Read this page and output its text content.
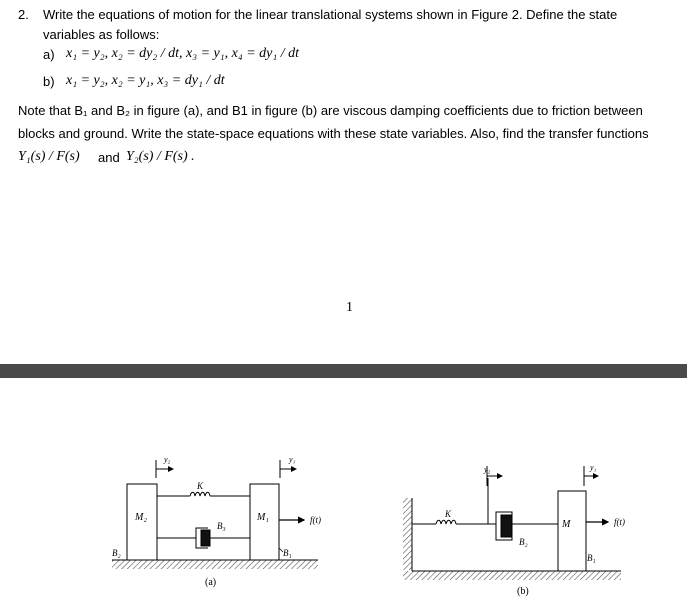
2. Write the equations of motion for the linear translational systems shown in Figure 2. Define the state
variables as follows:
a) x₁ = y₂, x₂ = dy₂ / dt, x₃ = y₁, x₄ = dy₁ / dt
b) x₁ = y₂, x₂ = y₁, x₃ = dy₁ / dt
Note that B₁ and B₂ in figure (a), and B1 in figure (b) are viscous damping coefficients due to friction between
blocks and ground. Write the state-space equations with these state variables. Also, find the transfer functions
Y₁(s) / F(s) and Y₂(s) / F(s) .
1
M₂	M₁
K
B₃
B₂	B₁
y₂	y₁
f(t)
(a)
K
B₂
M
B₁
y₂	y₁
f(t)
(b)
